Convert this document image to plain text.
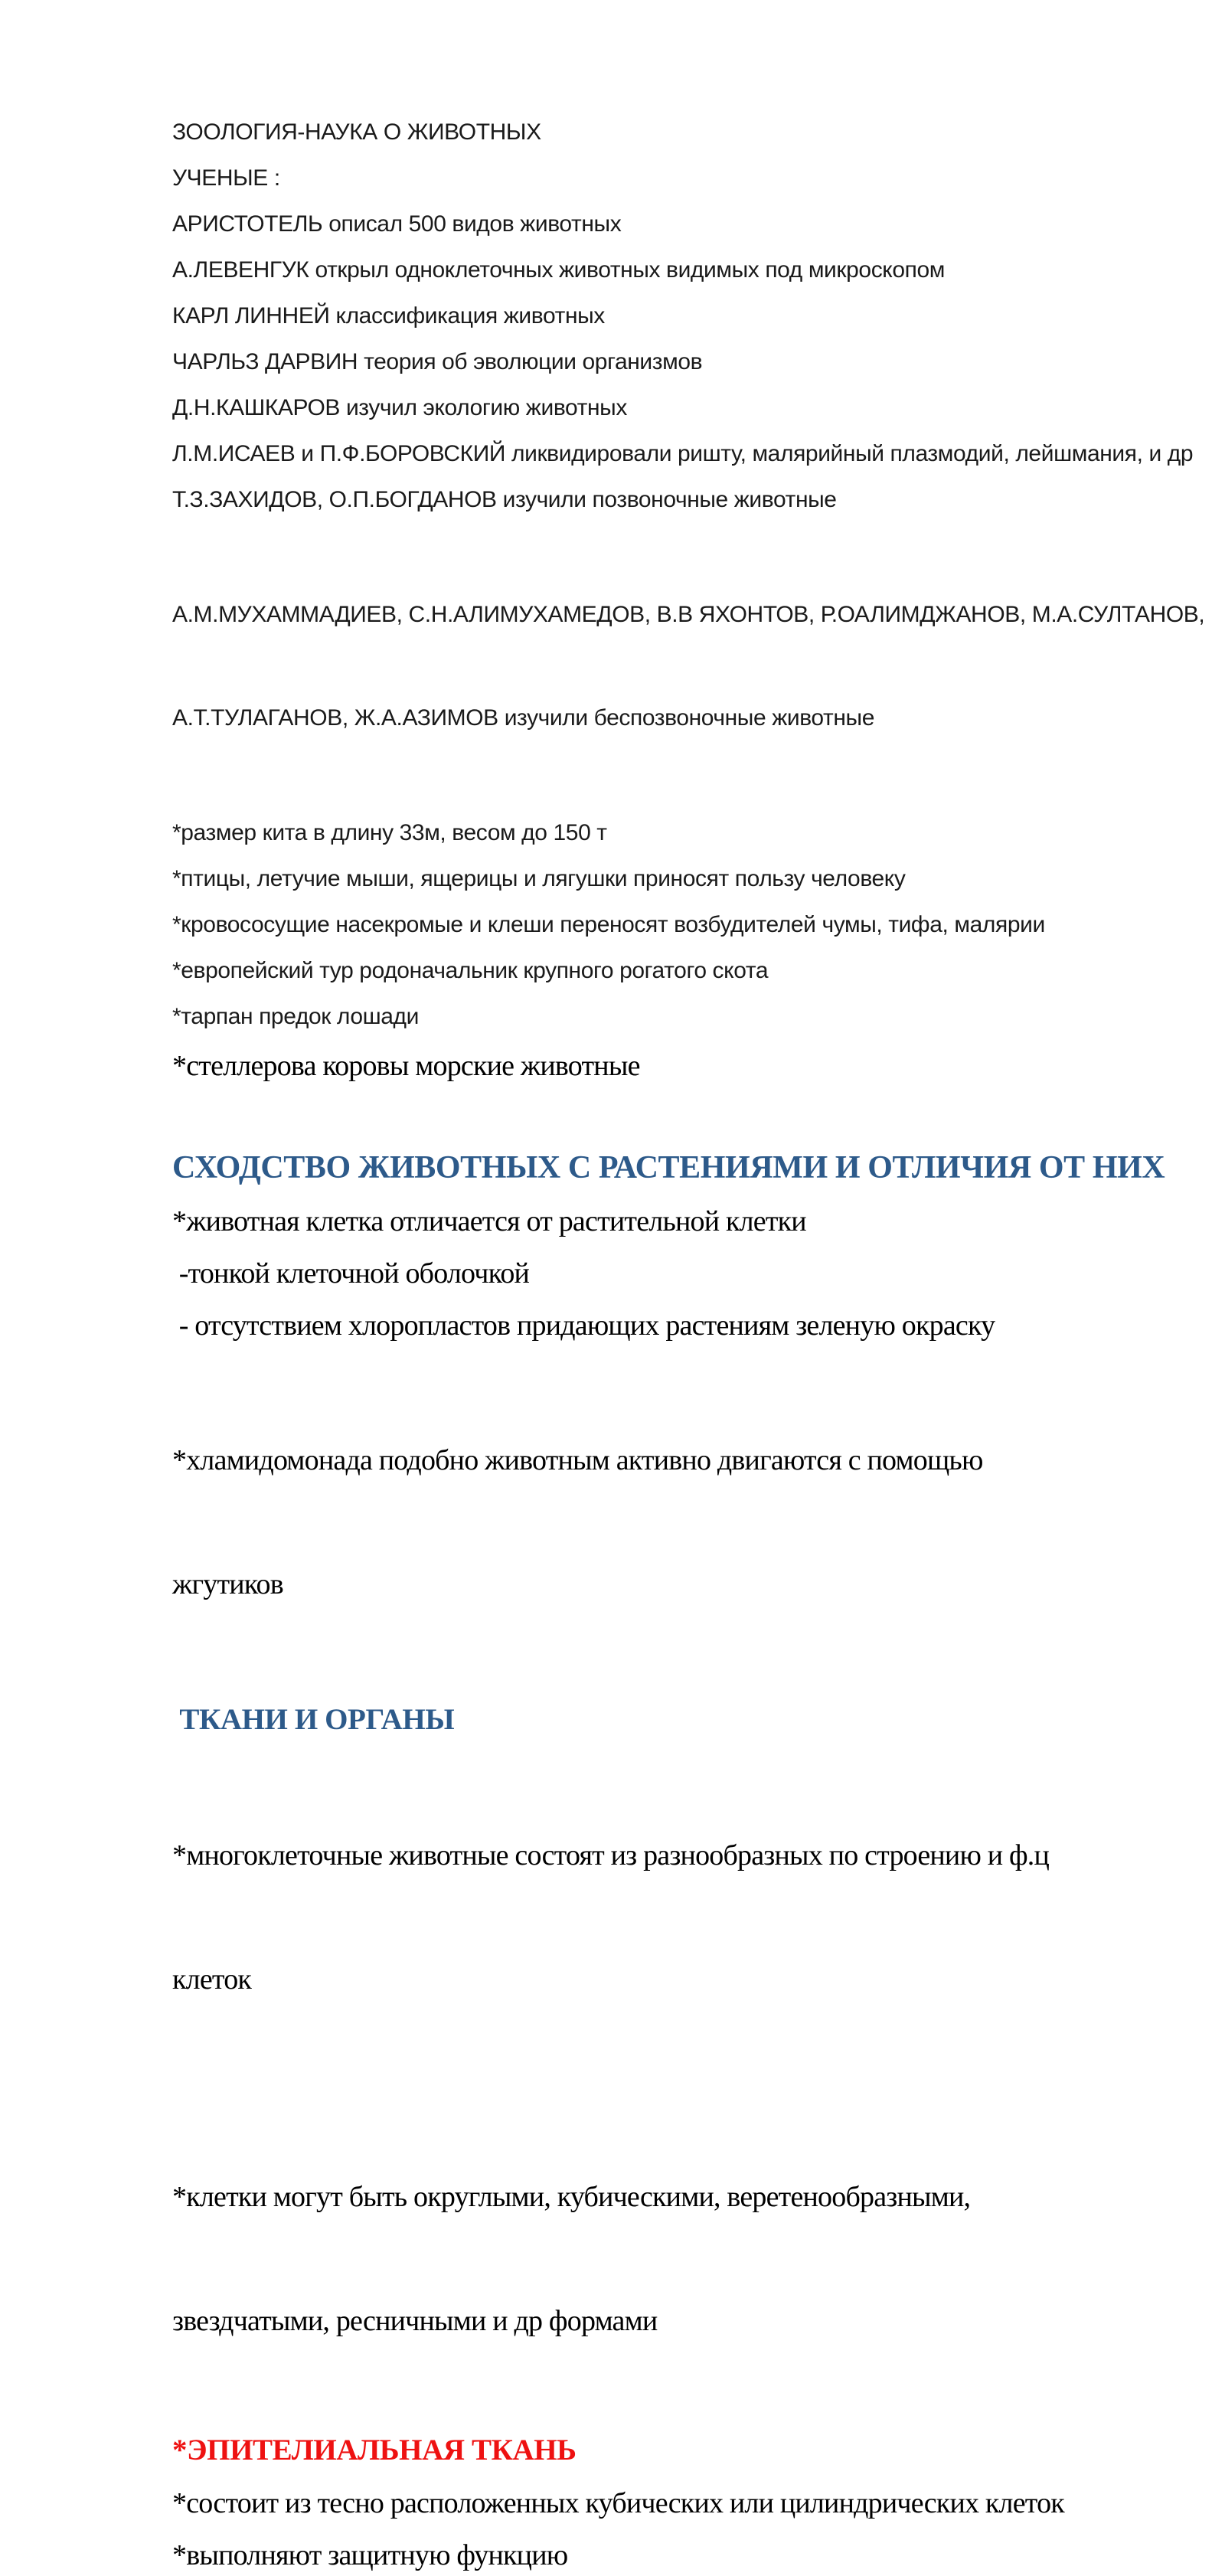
ЗООЛОГИЯ-НАУКА О ЖИВОТНЫХ

УЧЕНЫЕ :

АРИСТОТЕЛЬ описал 500 видов животных

А.ЛЕВЕНГУК открыл одноклеточных животных видимых под микроскопом

КАРЛ ЛИННЕЙ классификация животных

ЧАРЛЬЗ ДАРВИН теория об эволюции организмов

Д.Н.КАШКАРОВ изучил экологию животных

Л.М.ИСАЕВ и П.Ф.БОРОВСКИЙ ликвидировали ришту, малярийный плазмодий, лейшмания, и др

Т.З.ЗАХИДОВ, О.П.БОГДАНОВ изучили позвоночные животные

А.М.МУХАММАДИЕВ, С.Н.АЛИМУХАМЕДОВ, В.В ЯХОНТОВ, Р.ОАЛИМДЖАНОВ, М.А.СУЛТАНОВ,

А.Т.ТУЛАГАНОВ, Ж.А.АЗИМОВ изучили беспозвоночные животные

*размер кита в длину 33м, весом до 150 т

*птицы, летучие мыши, ящерицы и лягушки приносят пользу человеку

*кровососущие насекромые и клеши переносят возбудителей чумы, тифа, малярии

*европейский тур родоначальник крупного рогатого скота

*тарпан предок лошади

*стеллерова коровы морские животные

СХОДСТВО ЖИВОТНЫХ С РАСТЕНИЯМИ И ОТЛИЧИЯ ОТ НИХ

*животная клетка отличается от растительной клетки

-тонкой клеточной оболочкой

- отсутствием хлоропластов придающих растениям зеленую окраску

*хламидомонада подобно животным активно двигаются с помощью

жгутиков

ТКАНИ И ОРГАНЫ

*многоклеточные животные состоят из разнообразных по строению и ф.ц

клеток

*клетки могут быть округлыми, кубическими, веретенообразными,

звездчатыми, ресничными и др формами

*ЭПИТЕЛИАЛЬНАЯ ТКАНЬ

*состоит из тесно расположенных кубических или цилиндрических клеток

*выполняют защитную функцию
